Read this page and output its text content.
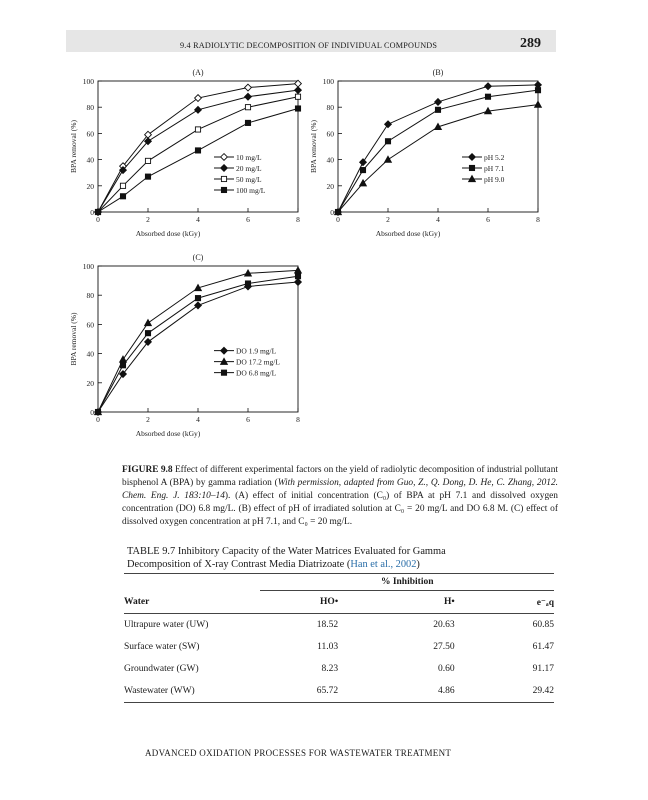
9.4 RADIOLYTIC DECOMPOSITION OF INDIVIDUAL COMPOUNDS	289
(A)
0
20
40
60
80
100
0	2	4	6	8
Absorbed dose (kGy)
BPA removal (%)	10 mg/L
20 mg/L
50 mg/L
100 mg/L
(B)
0
20
40
60
80
100
0	2	4	6	8
Absorbed dose (kGy)
BPA removal (%)	pH 5.2
pH 7.1
pH 9.0
(C)
0
20
40
60
80
100
0	2	4	6	8
Absorbed dose (kGy)
BPA removal (%)	DO 1.9 mg/L
DO 17.2 mg/L
DO 6.8 mg/L
FIGURE 9.8 Effect of different experimental factors on the yield of radiolytic decomposition of industrial pollutant bisphenol A (BPA) by gamma radiation (With permission, adapted from Guo, Z., Q. Dong, D. He, C. Zhang, 2012. Chem. Eng. J. 183:10–14). (A) effect of initial concentration (C₀) of BPA at pH 7.1 and dissolved oxygen concentration (DO) 6.8 mg/L. (B) effect of pH of irradiated solution at C₀ = 20 mg/L and DO 6.8 M. (C) effect of dissolved oxygen concentration at pH 7.1, and C₀ = 20 mg/L.
TABLE 9.7 Inhibitory Capacity of the Water Matrices Evaluated for Gamma Decomposition of X-ray Contrast Media Diatrizoate (Han et al., 2002)
	% Inhibition		
Water	HO•	H•	e⁻ₐq
Ultrapure water (UW)	18.52	20.63	60.85
Surface water (SW)	11.03	27.50	61.47
Groundwater (GW)	8.23	0.60	91.17
Wastewater (WW)	65.72	4.86	29.42
ADVANCED OXIDATION PROCESSES FOR WASTEWATER TREATMENT
